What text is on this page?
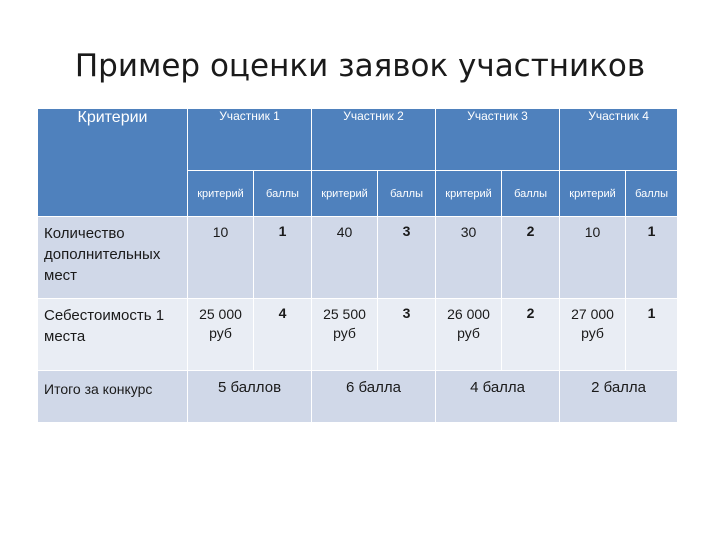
Пример оценки заявок участников
Критерии	Участник 1		Участник 2		Участник 3		Участник 4	
	критерий	баллы	критерий	баллы	критерий	баллы	критерий	баллы
Количество дополнительных мест	10	1	40	3	30	2	10	1
Себестоимость 1 места	25 000 руб	4	25 500 руб	3	26 000 руб	2	27 000 руб	1
Итого за конкурс	5 баллов		6 балла		4 балла		2 балла	
